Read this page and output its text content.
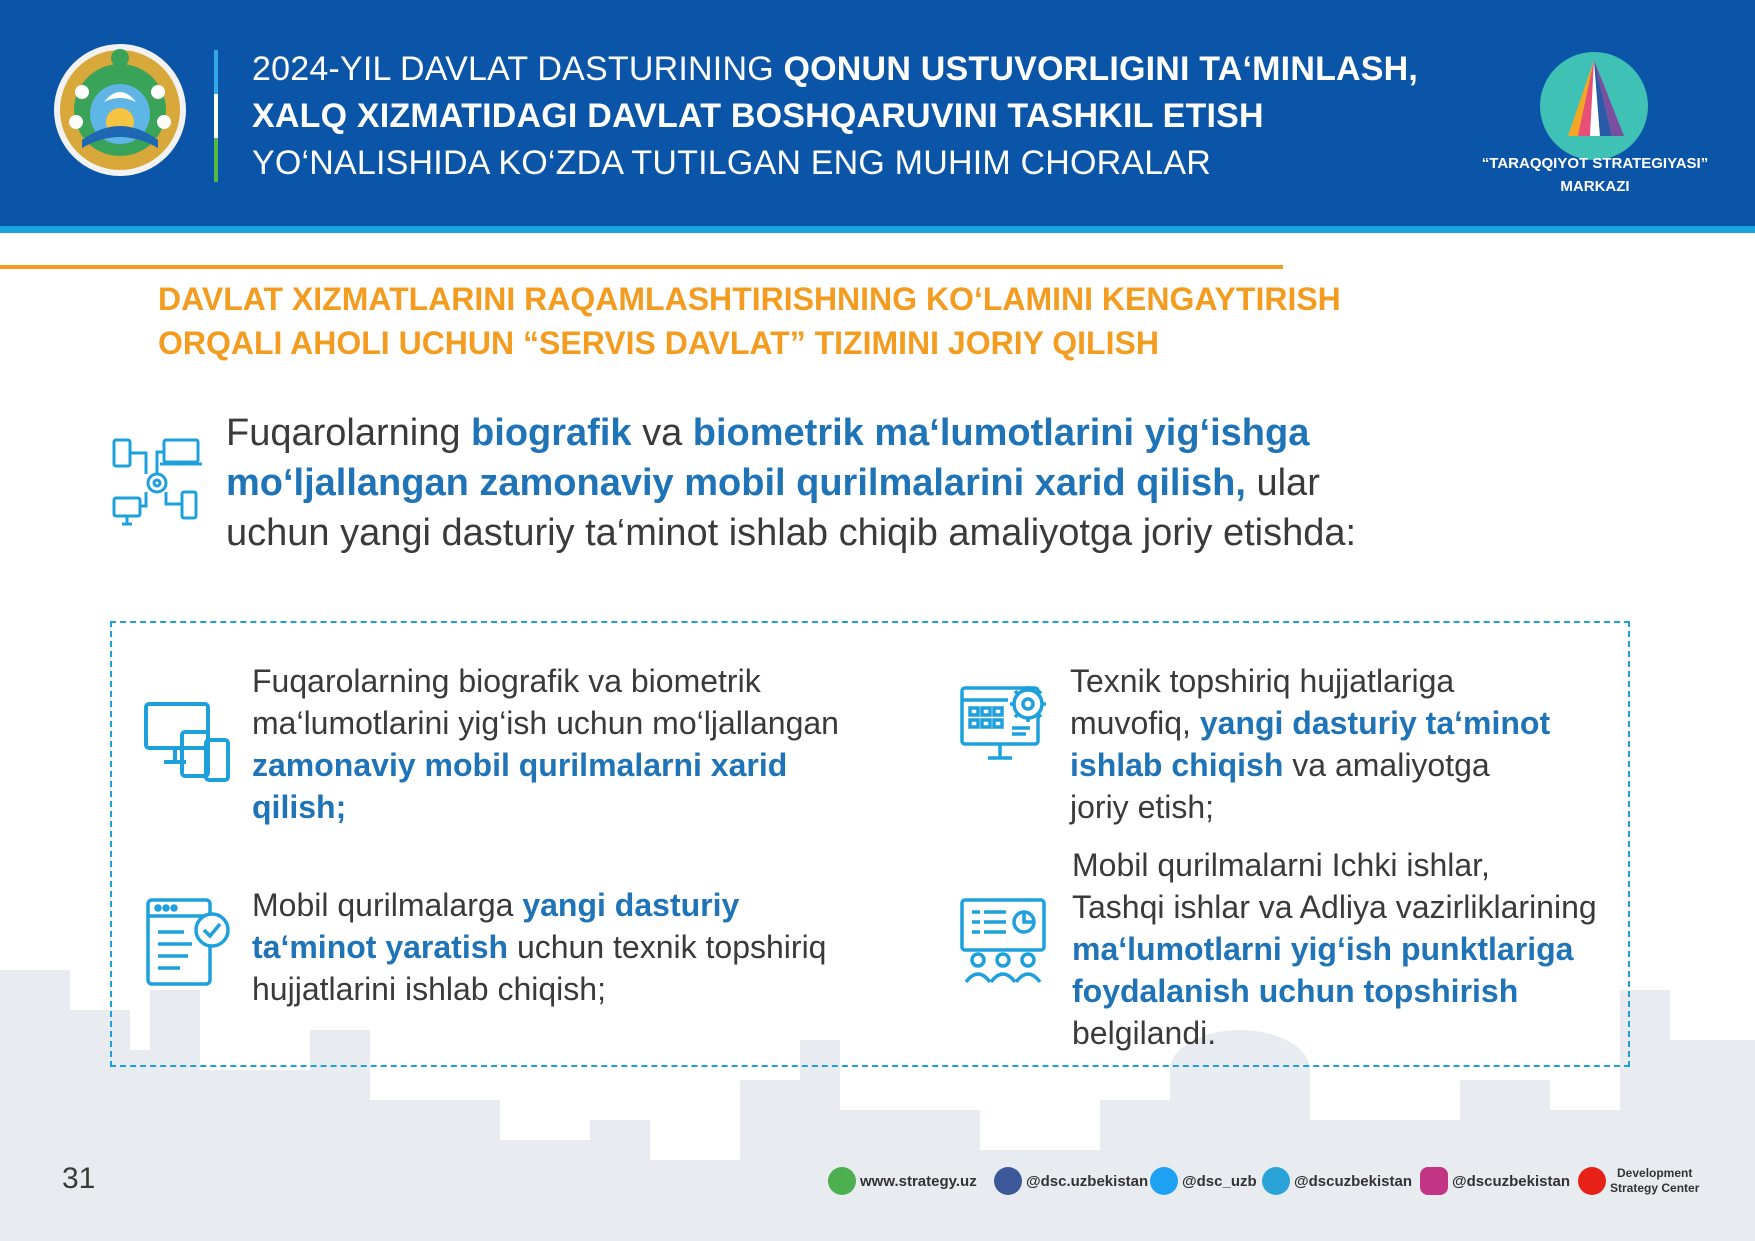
2024-YIL DAVLAT DASTURINING QONUN USTUVORLIGINI TA‘MINLASH,
XALQ XIZMATIDAGI DAVLAT BOSHQARUVINI TASHKIL ETISH
YO‘NALISHIDA KO‘ZDA TUTILGAN ENG MUHIM CHORALAR	“TARAQQIYOT STRATEGIYASI”
MARKAZI
DAVLAT XIZMATLARINI RAQAMLASHTIRISHNING KO‘LAMINI KENGAYTIRISH
ORQALI AHOLI UCHUN “SERVIS DAVLAT” TIZIMINI JORIY QILISH
Fuqarolarning biografik va biometrik ma‘lumotlarini yig‘ishga
mo‘ljallangan zamonaviy mobil qurilmalarini xarid qilish, ular
uchun yangi dasturiy ta‘minot ishlab chiqib amaliyotga joriy etishda:
Fuqarolarning biografik va biometrik
ma‘lumotlarini yig‘ish uchun mo‘ljallangan
zamonaviy mobil qurilmalarni xarid
qilish;
Mobil qurilmalarga yangi dasturiy
ta‘minot yaratish uchun texnik topshiriq
hujjatlarini ishlab chiqish;
Texnik topshiriq hujjatlariga
muvofiq, yangi dasturiy ta‘minot
ishlab chiqish va amaliyotga
joriy etish;
Mobil qurilmalarni Ichki ishlar,
Tashqi ishlar va Adliya vazirliklarining
ma‘lumotlarni yig‘ish punktlariga
foydalanish uchun topshirish
belgilandi.
31	www.strategy.uz	@dsc.uzbekistan @dsc_uzb @dscuzbekistan	@dscuzbekistan	Development
Strategy Center
